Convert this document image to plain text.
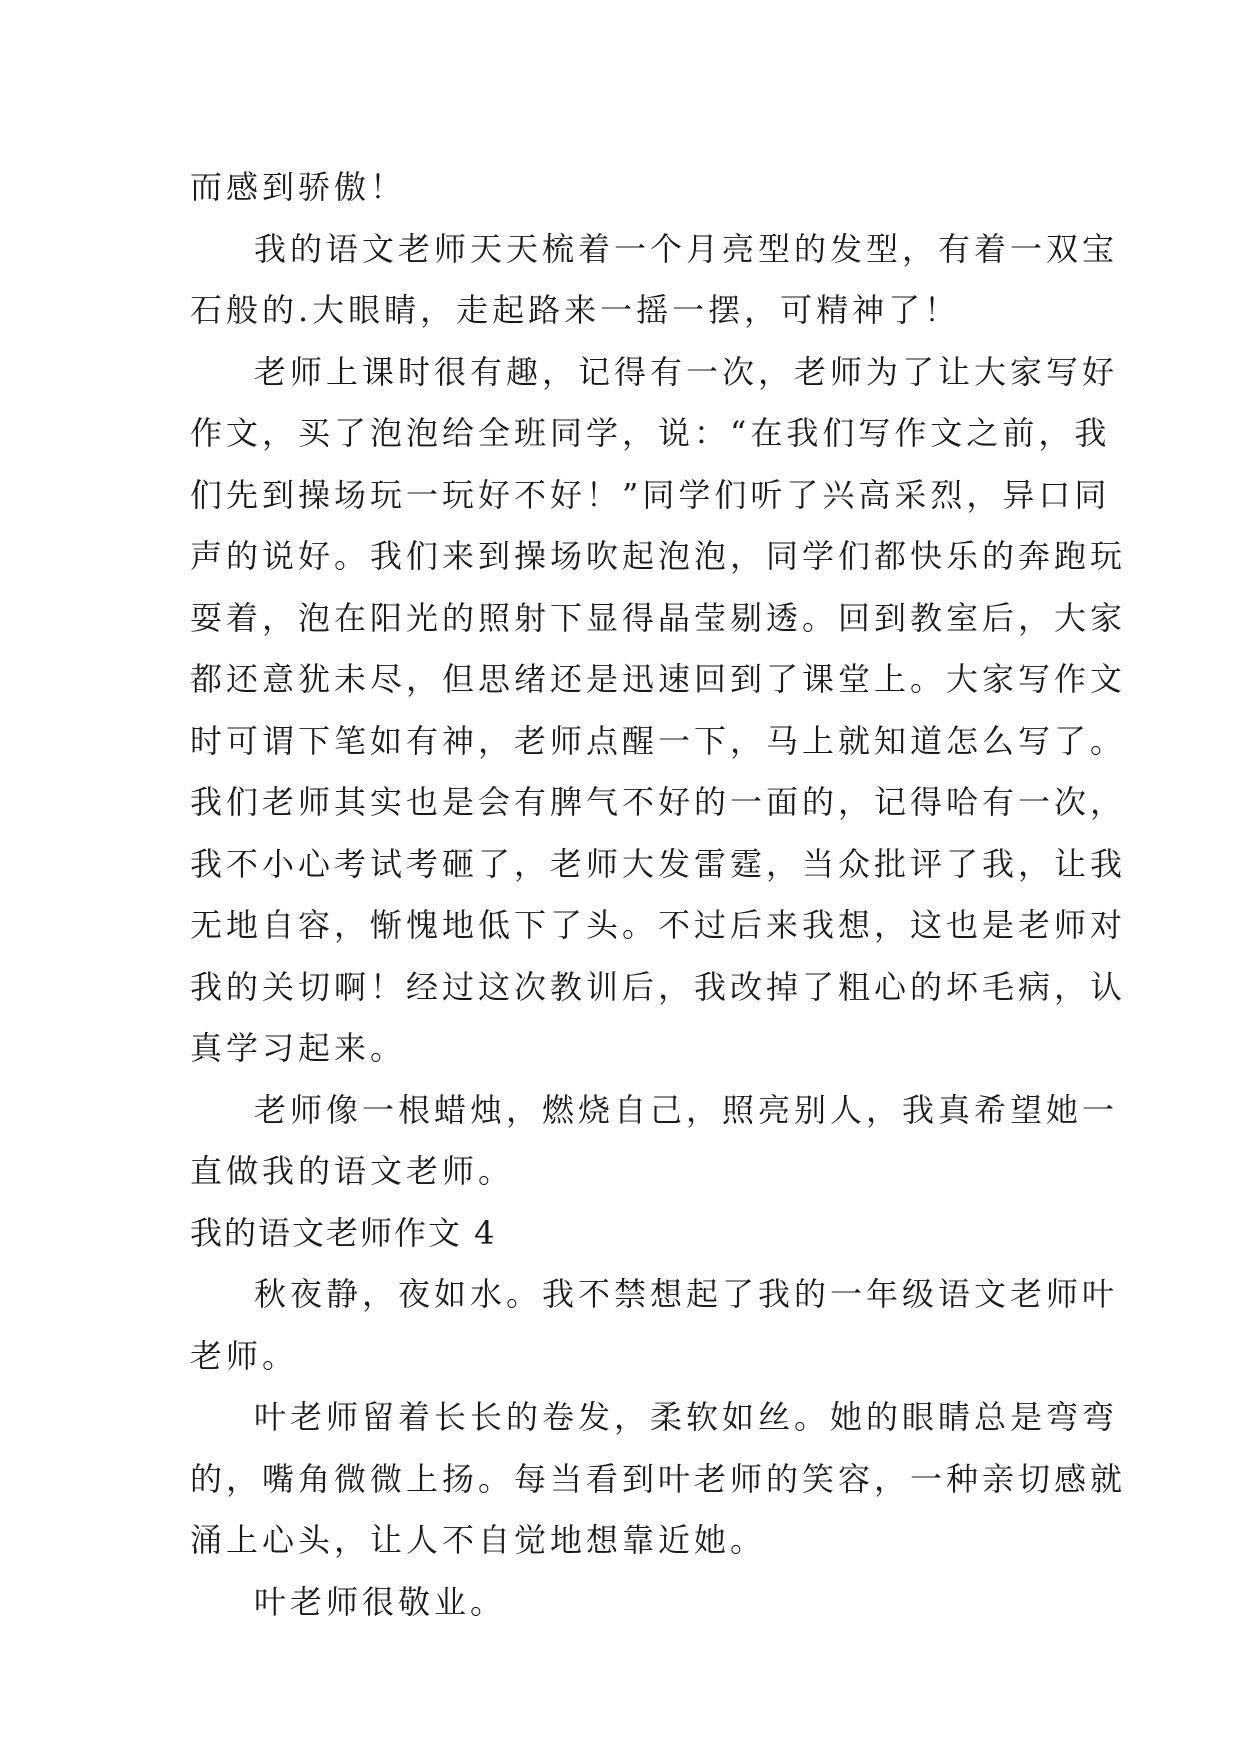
而感到骄傲！
我的语文老师天天梳着一个月亮型的发型，有着一双宝
石般的.大眼睛，走起路来一摇一摆，可精神了！
老师上课时很有趣，记得有一次，老师为了让大家写好
作文，买了泡泡给全班同学，说：“在我们写作文之前，我
们先到操场玩一玩好不好！”同学们听了兴高采烈，异口同
声的说好。我们来到操场吹起泡泡，同学们都快乐的奔跑玩
耍着，泡在阳光的照射下显得晶莹剔透。回到教室后，大家
都还意犹未尽，但思绪还是迅速回到了课堂上。大家写作文
时可谓下笔如有神，老师点醒一下，马上就知道怎么写了。
我们老师其实也是会有脾气不好的一面的，记得哈有一次，
我不小心考试考砸了，老师大发雷霆，当众批评了我，让我
无地自容，惭愧地低下了头。不过后来我想，这也是老师对
我的关切啊！经过这次教训后，我改掉了粗心的坏毛病，认
真学习起来。
老师像一根蜡烛，燃烧自己，照亮别人，我真希望她一
直做我的语文老师。
我的语文老师作文 4
秋夜静，夜如水。我不禁想起了我的一年级语文老师叶
老师。
叶老师留着长长的卷发，柔软如丝。她的眼睛总是弯弯
的，嘴角微微上扬。每当看到叶老师的笑容，一种亲切感就
涌上心头，让人不自觉地想靠近她。
叶老师很敬业。
